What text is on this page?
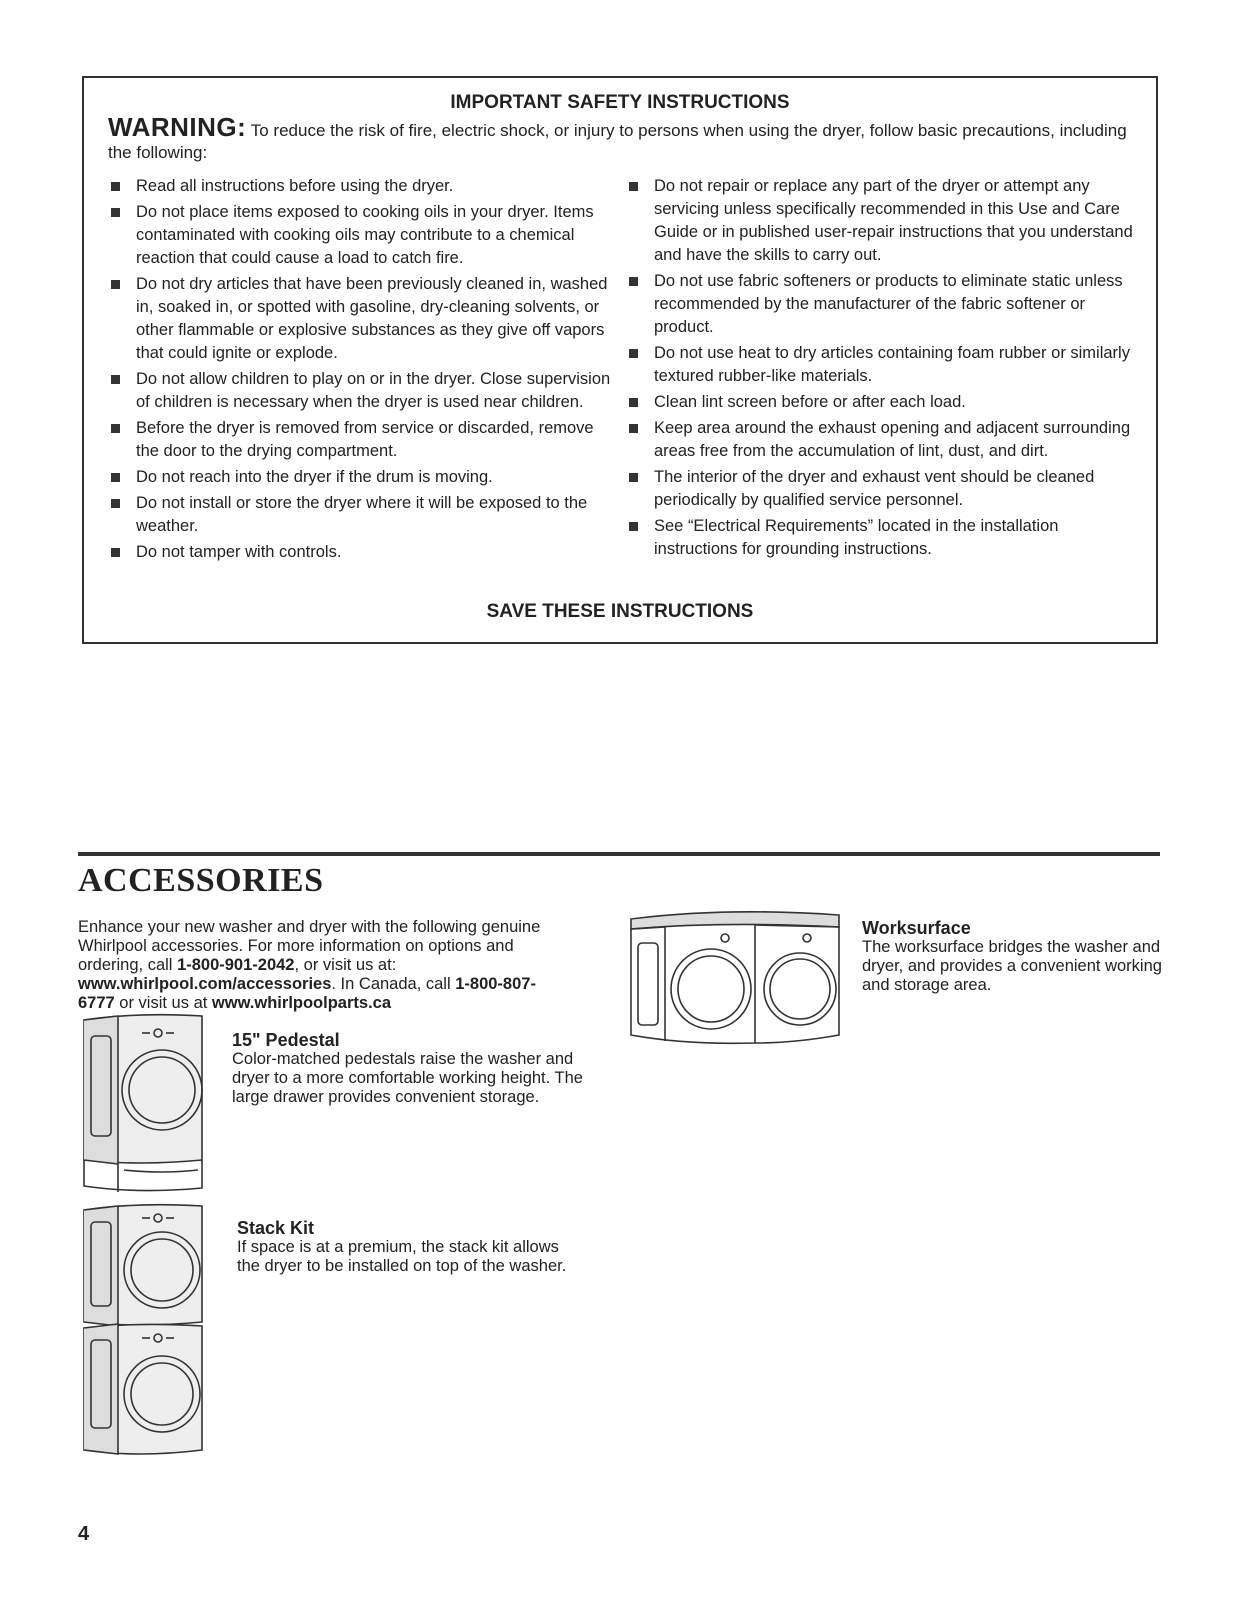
IMPORTANT SAFETY INSTRUCTIONS
WARNING: To reduce the risk of fire, electric shock, or injury to persons when using the dryer, follow basic precautions, including the following:
Read all instructions before using the dryer.
Do not place items exposed to cooking oils in your dryer. Items contaminated with cooking oils may contribute to a chemical reaction that could cause a load to catch fire.
Do not dry articles that have been previously cleaned in, washed in, soaked in, or spotted with gasoline, dry-cleaning solvents, or other flammable or explosive substances as they give off vapors that could ignite or explode.
Do not allow children to play on or in the dryer. Close supervision of children is necessary when the dryer is used near children.
Before the dryer is removed from service or discarded, remove the door to the drying compartment.
Do not reach into the dryer if the drum is moving.
Do not install or store the dryer where it will be exposed to the weather.
Do not tamper with controls.
Do not repair or replace any part of the dryer or attempt any servicing unless specifically recommended in this Use and Care Guide or in published user-repair instructions that you understand and have the skills to carry out.
Do not use fabric softeners or products to eliminate static unless recommended by the manufacturer of the fabric softener or product.
Do not use heat to dry articles containing foam rubber or similarly textured rubber-like materials.
Clean lint screen before or after each load.
Keep area around the exhaust opening and adjacent surrounding areas free from the accumulation of lint, dust, and dirt.
The interior of the dryer and exhaust vent should be cleaned periodically by qualified service personnel.
See “Electrical Requirements” located in the installation instructions for grounding instructions.
SAVE THESE INSTRUCTIONS
ACCESSORIES
Enhance your new washer and dryer with the following genuine Whirlpool accessories. For more information on options and ordering, call 1-800-901-2042, or visit us at: www.whirlpool.com/accessories. In Canada, call 1-800-807-6777 or visit us at www.whirlpoolparts.ca
15" Pedestal
Color-matched pedestals raise the washer and dryer to a more comfortable working height. The large drawer provides convenient storage.
Stack Kit
If space is at a premium, the stack kit allows the dryer to be installed on top of the washer.
Worksurface
The worksurface bridges the washer and dryer, and provides a convenient working and storage area.
4
